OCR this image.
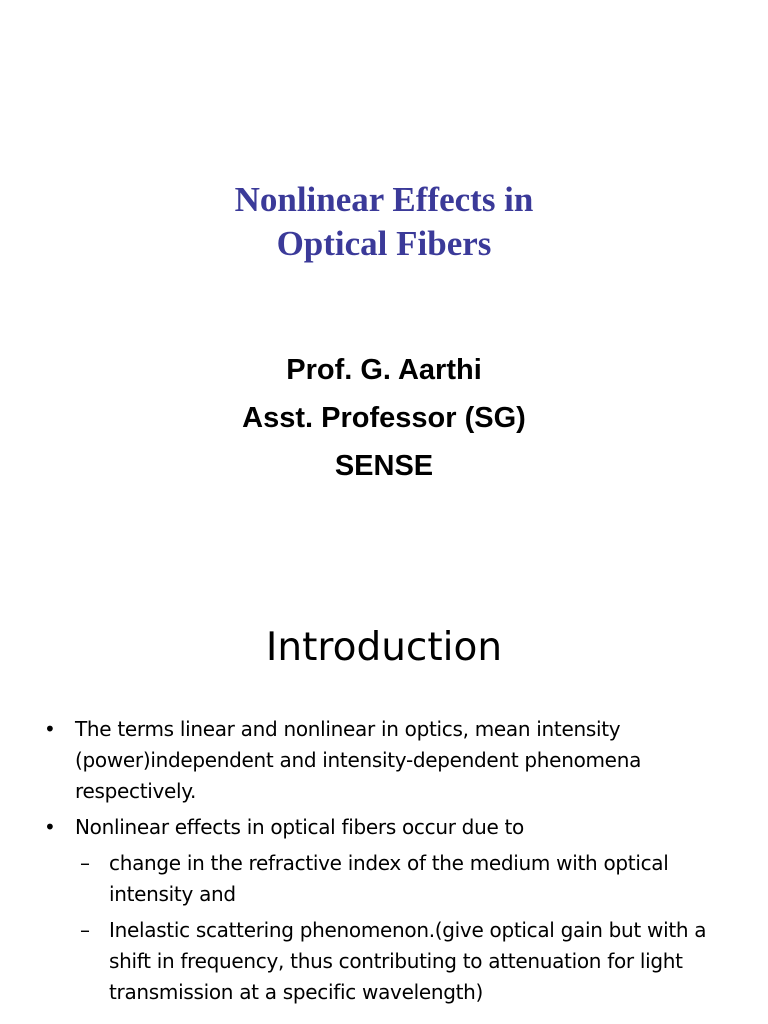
Nonlinear Effects in
Optical Fibers
Prof. G. Aarthi
Asst. Professor (SG)
SENSE
Introduction
• The terms linear and nonlinear in optics, mean intensity (power)independent and intensity-dependent phenomena respectively.
• Nonlinear effects in optical fibers occur due to
– change in the refractive index of the medium with optical intensity and
– Inelastic scattering phenomenon.(give optical gain but with a shift in frequency, thus contributing to attenuation for light transmission at a specific wavelength)
